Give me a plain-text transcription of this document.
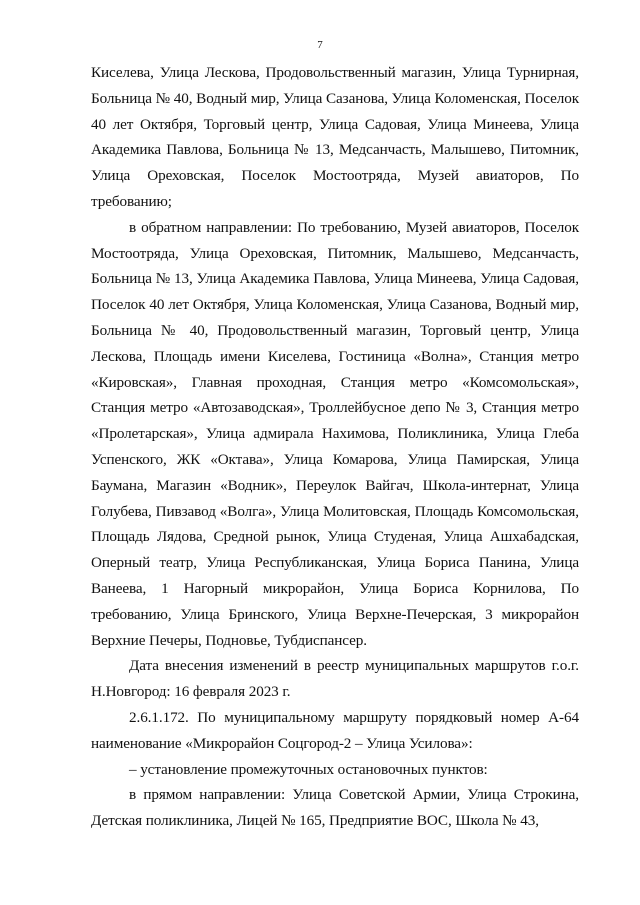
7

Киселева, Улица Лескова, Продовольственный магазин, Улица Турнирная, Больница № 40, Водный мир, Улица Сазанова, Улица Коломенская, Поселок 40 лет Октября, Торговый центр, Улица Садовая, Улица Минеева, Улица Академика Павлова, Больница № 13, Медсанчасть, Малышево, Питомник, Улица Ореховская, Поселок Мостоотряда, Музей авиаторов, По требованию;

в обратном направлении: По требованию, Музей авиаторов, Поселок Мостоотряда, Улица Ореховская, Питомник, Малышево, Медсанчасть, Больница № 13, Улица Академика Павлова, Улица Минеева, Улица Садовая, Поселок 40 лет Октября, Улица Коломенская, Улица Сазанова, Водный мир, Больница № 40, Продовольственный магазин, Торговый центр, Улица Лескова, Площадь имени Киселева, Гостиница «Волна», Станция метро «Кировская», Главная проходная, Станция метро «Комсомольская», Станция метро «Автозаводская», Троллейбусное депо № 3, Станция метро «Пролетарская», Улица адмирала Нахимова, Поликлиника, Улица Глеба Успенского, ЖК «Октава», Улица Комарова, Улица Памирская, Улица Баумана, Магазин «Водник», Переулок Вайгач, Школа-интернат, Улица Голубева, Пивзавод «Волга», Улица Молитовская, Площадь Комсомольская, Площадь Лядова, Средной рынок, Улица Студеная, Улица Ашхабадская, Оперный театр, Улица Республиканская, Улица Бориса Панина, Улица Ванеева, 1 Нагорный микрорайон, Улица Бориса Корнилова, По требованию, Улица Бринского, Улица Верхне-Печерская, 3 микрорайон Верхние Печеры, Подновье, Тубдиспансер.

Дата внесения изменений в реестр муниципальных маршрутов г.о.г. Н.Новгород: 16 февраля 2023 г.

2.6.1.172. По муниципальному маршруту порядковый номер А-64 наименование «Микрорайон Соцгород-2 – Улица Усилова»:

– установление промежуточных остановочных пунктов:

в прямом направлении: Улица Советской Армии, Улица Строкина, Детская поликлиника, Лицей № 165, Предприятие ВОС, Школа № 43,
